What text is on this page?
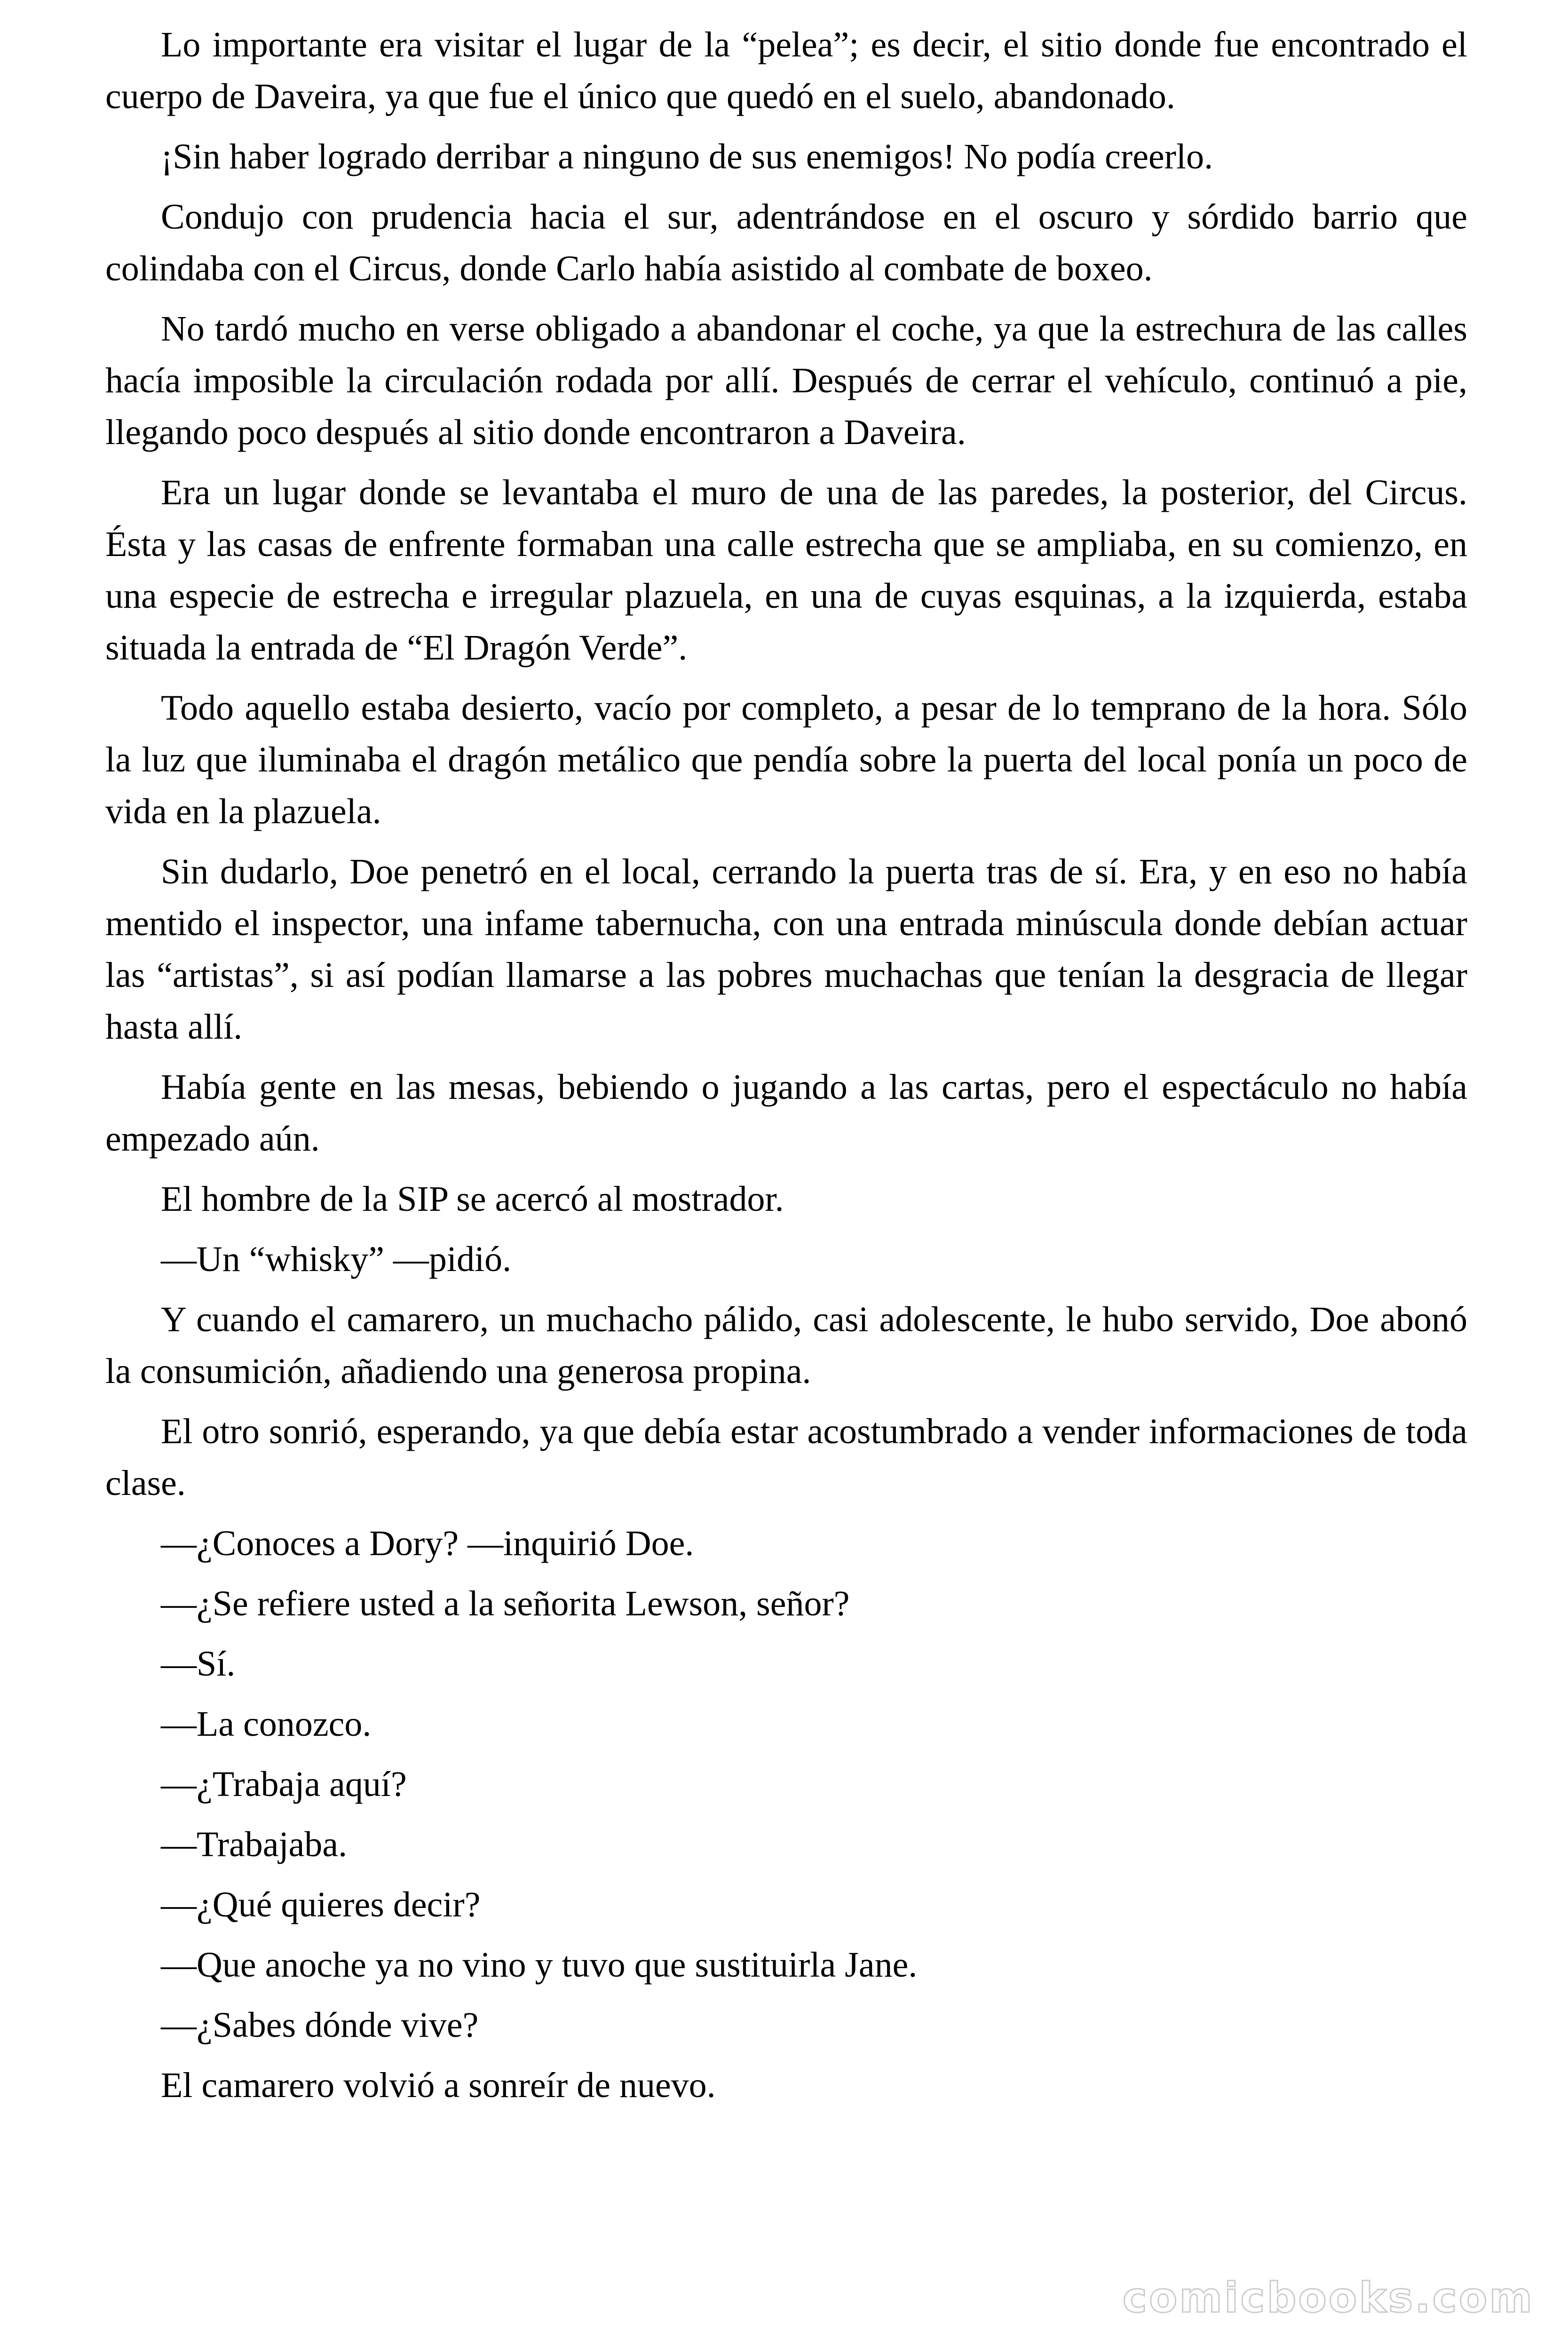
Lo importante era visitar el lugar de la “pelea”; es decir, el sitio donde fue encontrado el cuerpo de Daveira, ya que fue el único que quedó en el suelo, abandonado.

¡Sin haber logrado derribar a ninguno de sus enemigos! No podía creerlo.

Condujo con prudencia hacia el sur, adentrándose en el oscuro y sórdido barrio que colindaba con el Circus, donde Carlo había asistido al combate de boxeo.

No tardó mucho en verse obligado a abandonar el coche, ya que la estrechura de las calles hacía imposible la circulación rodada por allí. Después de cerrar el vehículo, continuó a pie, llegando poco después al sitio donde encontraron a Daveira.

Era un lugar donde se levantaba el muro de una de las paredes, la posterior, del Circus. Ésta y las casas de enfrente formaban una calle estrecha que se ampliaba, en su comienzo, en una especie de estrecha e irregular plazuela, en una de cuyas esquinas, a la izquierda, estaba situada la entrada de “El Dragón Verde”.

Todo aquello estaba desierto, vacío por completo, a pesar de lo temprano de la hora. Sólo la luz que iluminaba el dragón metálico que pendía sobre la puerta del local ponía un poco de vida en la plazuela.

Sin dudarlo, Doe penetró en el local, cerrando la puerta tras de sí. Era, y en eso no había mentido el inspector, una infame tabernucha, con una entrada minúscula donde debían actuar las “artistas”, si así podían llamarse a las pobres muchachas que tenían la desgracia de llegar hasta allí.

Había gente en las mesas, bebiendo o jugando a las cartas, pero el espectáculo no había empezado aún.

El hombre de la SIP se acercó al mostrador.

—Un “whisky” —pidió.

Y cuando el camarero, un muchacho pálido, casi adolescente, le hubo servido, Doe abonó la consumición, añadiendo una generosa propina.

El otro sonrió, esperando, ya que debía estar acostumbrado a vender informaciones de toda clase.

—¿Conoces a Dory? —inquirió Doe.

—¿Se refiere usted a la señorita Lewson, señor?

—Sí.

—La conozco.

—¿Trabaja aquí?

—Trabajaba.

—¿Qué quieres decir?

—Que anoche ya no vino y tuvo que sustituirla Jane.

—¿Sabes dónde vive?

El camarero volvió a sonreír de nuevo.

comicbooks.com
